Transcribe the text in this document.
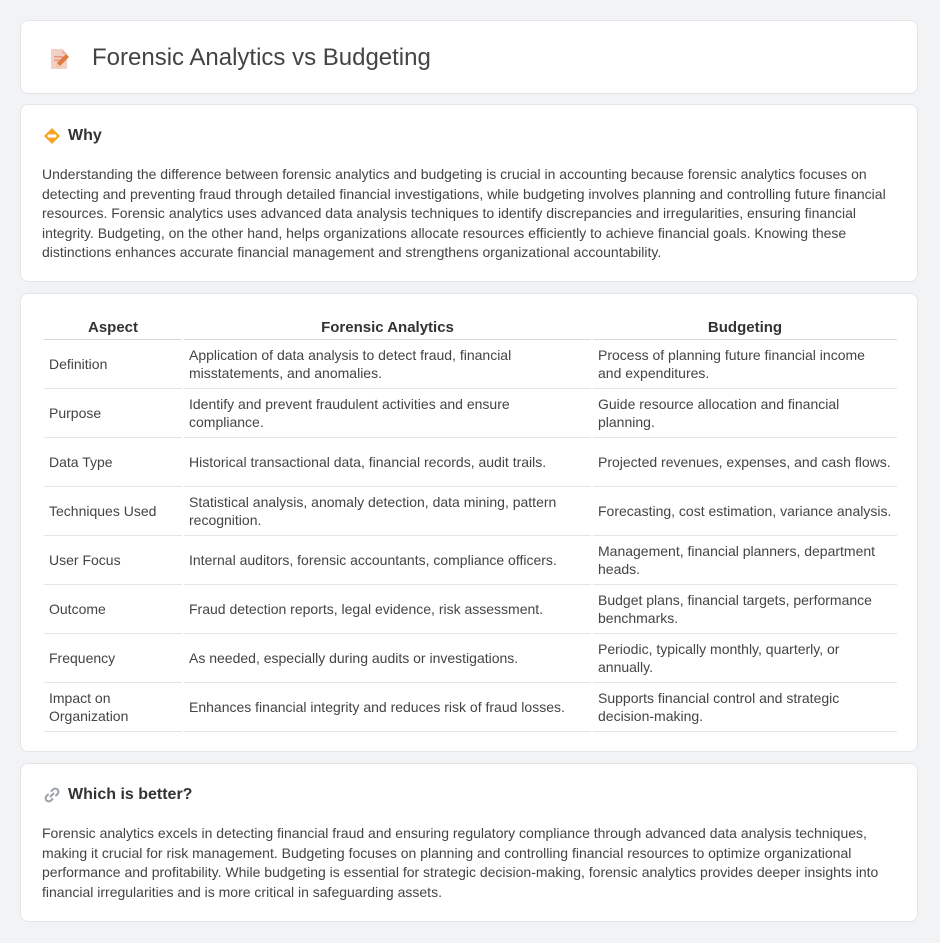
Forensic Analytics vs Budgeting
Why

Understanding the difference between forensic analytics and budgeting is crucial in accounting because forensic analytics focuses on detecting and preventing fraud through detailed financial investigations, while budgeting involves planning and controlling future financial resources. Forensic analytics uses advanced data analysis techniques to identify discrepancies and irregularities, ensuring financial integrity. Budgeting, on the other hand, helps organizations allocate resources efficiently to achieve financial goals. Knowing these distinctions enhances accurate financial management and strengthens organizational accountability.

Aspect	Forensic Analytics	Budgeting
Definition	Application of data analysis to detect fraud, financial misstatements, and anomalies.	Process of planning future financial income and expenditures.
Purpose	Identify and prevent fraudulent activities and ensure compliance.	Guide resource allocation and financial planning.
Data Type	Historical transactional data, financial records, audit trails.	Projected revenues, expenses, and cash flows.
Techniques Used	Statistical analysis, anomaly detection, data mining, pattern recognition.	Forecasting, cost estimation, variance analysis.
User Focus	Internal auditors, forensic accountants, compliance officers.	Management, financial planners, department heads.
Outcome	Fraud detection reports, legal evidence, risk assessment.	Budget plans, financial targets, performance benchmarks.
Frequency	As needed, especially during audits or investigations.	Periodic, typically monthly, quarterly, or annually.
Impact on Organization	Enhances financial integrity and reduces risk of fraud losses.	Supports financial control and strategic decision-making.
Which is better?

Forensic analytics excels in detecting financial fraud and ensuring regulatory compliance through advanced data analysis techniques, making it crucial for risk management. Budgeting focuses on planning and controlling financial resources to optimize organizational performance and profitability. While budgeting is essential for strategic decision-making, forensic analytics provides deeper insights into financial irregularities and is more critical in safeguarding assets.
